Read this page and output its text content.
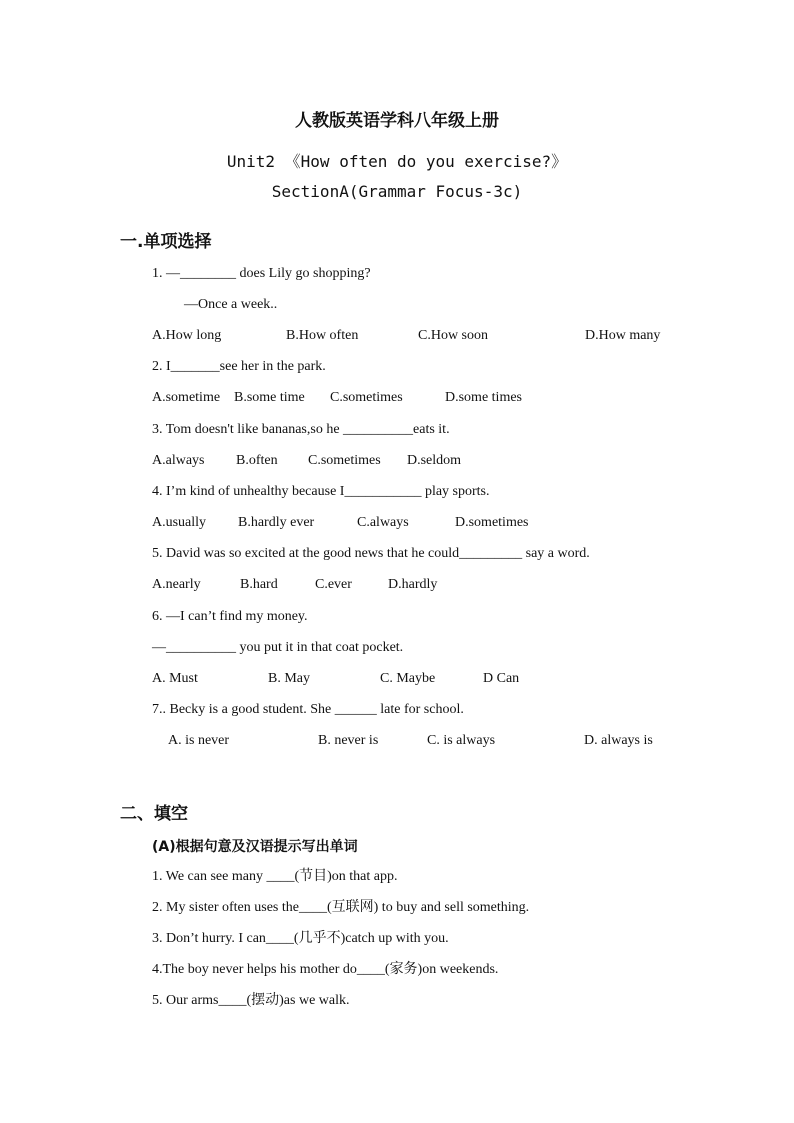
人教版英语学科八年级上册
Unit2 《How often do you exercise?》
SectionA(Grammar Focus-3c)
一.单项选择
1. —________ does Lily go shopping?
—Once a week..
A.How long	B.How often	C.How soon	D.How many
2. I_______see her in the park.
A.sometime B.some time C.sometimes	D.some times
3. Tom doesn't like bananas,so he __________eats it.
A.always B.often C.sometimes D.seldom
4. I’m kind of unhealthy because I___________ play sports.
A.usually B.hardly ever	C.always	D.sometimes
5. David was so excited at the good news that he could_________ say a word.
A.nearly	B.hard	C.ever	D.hardly
6. —I can’t find my money.
—__________ you put it in that coat pocket.
A. Must	B. May	C. Maybe	D Can
7.. Becky is a good student. She ______ late for school.
A. is never	B. never is	C. is always	D. always is
二、填空
(A)根据句意及汉语提示写出单词
1. We can see many ____(节目)on that app.
2. My sister often uses the____(互联网) to buy and sell something.
3. Don’t hurry. I can____(几乎不)catch up with you.
4.The boy never helps his mother do____(家务)on weekends.
5. Our arms____(摆动)as we walk.
